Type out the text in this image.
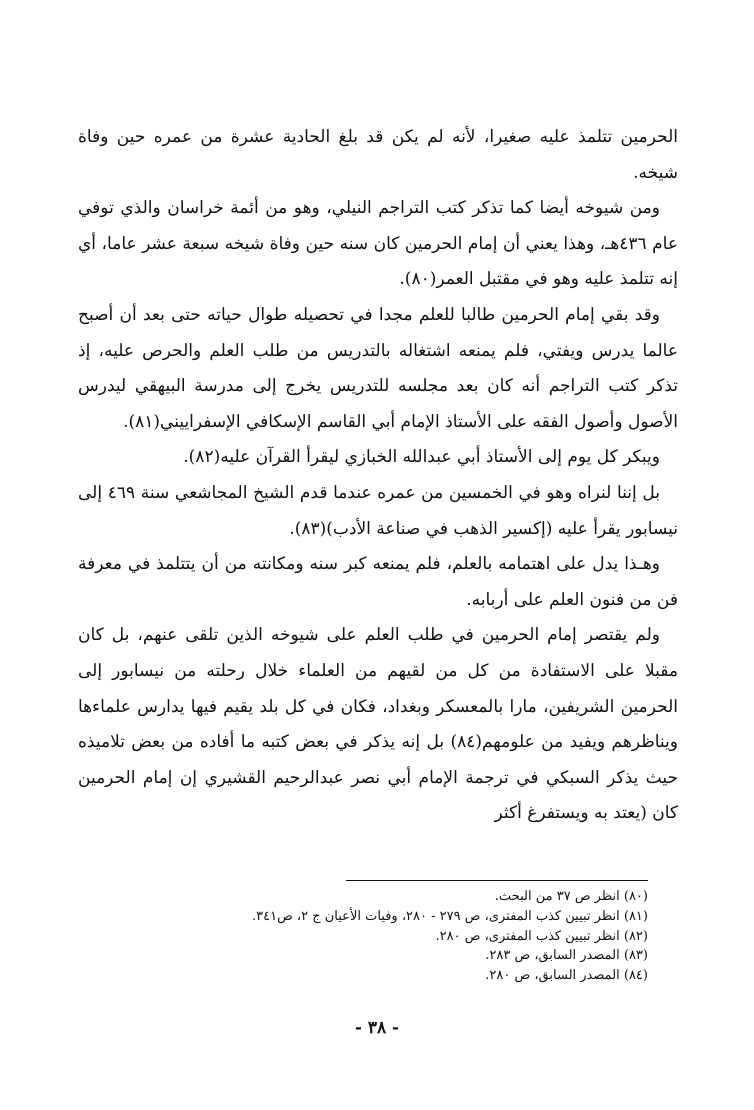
الحرمين تتلمذ عليه صغيرا، لأنه لم يكن قد بلغ الحادية عشرة من عمره حين وفاة شيخه.

ومن شيوخه أيضا كما تذكر كتب التراجم النيلي، وهو من أئمة خراسان والذي توفي عام ٤٣٦هـ، وهذا يعني أن إمام الحرمين كان سنه حين وفاة شيخه سبعة عشر عاما، أي إنه تتلمذ عليه وهو في مقتبل العمر(٨٠).

وقد بقي إمام الحرمين طالبا للعلم مجدا في تحصيله طوال حياته حتى بعد أن أصبح عالما يدرس ويفتي، فلم يمنعه اشتغاله بالتدريس من طلب العلم والحرص عليه، إذ تذكر كتب التراجم أنه كان بعد مجلسه للتدريس يخرج إلى مدرسة البيهقي ليدرس الأصول وأصول الفقه على الأستاذ الإمام أبي القاسم الإسكافي الإسفراييني(٨١).

ويبكر كل يوم إلى الأستاذ أبي عبدالله الخبازي ليقرأ القرآن عليه(٨٢).

بل إننا لنراه وهو في الخمسين من عمره عندما قدم الشيخ المجاشعي سنة ٤٦٩ إلى نيسابور يقرأ عليه (إكسير الذهب في صناعة الأدب)(٨٣).

وهـذا يدل على اهتمامه بالعلم، فلم يمنعه كبر سنه ومكانته من أن يتتلمذ في معرفة فن من فنون العلم على أربابه.

ولم يقتصر إمام الحرمين في طلب العلم على شيوخه الذين تلقى عنهم، بل كان مقبلا على الاستفادة من كل من لقيهم من العلماء خلال رحلته من نيسابور إلى الحرمين الشريفين، مارا بالمعسكر وبغداد، فكان في كل بلد يقيم فيها يدارس علماءها ويناظرهم ويفيد من علومهم(٨٤) بل إنه يذكر في بعض كتبه ما أفاده من بعض تلاميذه حيث يذكر السبكي في ترجمة الإمام أبي نصر عبدالرحيم القشيري إن إمام الحرمين كان (يعتد به ويستفرغ أكثر

(٨٠) انظر ص ٣٧ من البحث.
(٨١) انظر تبيين كذب المفترى، ص ٢٧٩ - ٢٨٠، وفيات الأعيان ج ٢، ص٣٤١.
(٨٢) انظر تبيين كذب المفترى، ص ٢٨٠.
(٨٣) المصدر السابق، ص ٢٨٣.
(٨٤) المصدر السابق، ص ٢٨٠.
- ٣٨ -
